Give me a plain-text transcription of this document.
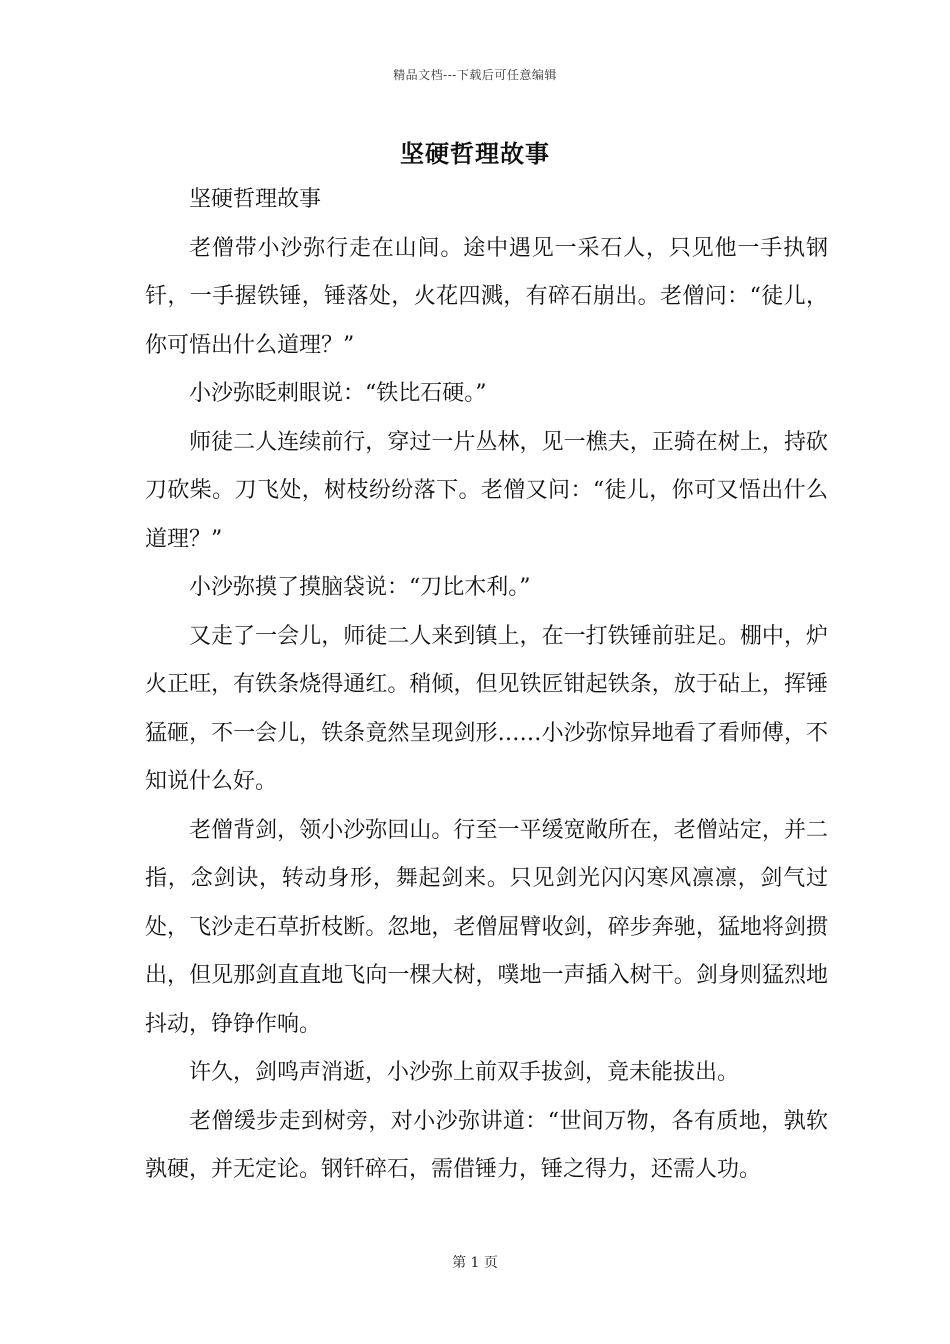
精品文档---下载后可任意编辑
坚硬哲理故事

坚硬哲理故事

老僧带小沙弥行走在山间。途中遇见一采石人，只见他一手执钢钎，一手握铁锤，锤落处，火花四溅，有碎石崩出。老僧问：“徒儿，你可悟出什么道理？”

小沙弥眨刺眼说：“铁比石硬。”

师徒二人连续前行，穿过一片丛林，见一樵夫，正骑在树上，持砍刀砍柴。刀飞处，树枝纷纷落下。老僧又问：“徒儿，你可又悟出什么道理？”

小沙弥摸了摸脑袋说：“刀比木利。”

又走了一会儿，师徒二人来到镇上，在一打铁锤前驻足。棚中，炉火正旺，有铁条烧得通红。稍倾，但见铁匠钳起铁条，放于砧上，挥锤猛砸，不一会儿，铁条竟然呈现剑形……小沙弥惊异地看了看师傅，不知说什么好。

老僧背剑，领小沙弥回山。行至一平缓宽敞所在，老僧站定，并二指，念剑诀，转动身形，舞起剑来。只见剑光闪闪寒风凛凛，剑气过处，飞沙走石草折枝断。忽地，老僧屈臂收剑，碎步奔驰，猛地将剑掼出，但见那剑直直地飞向一棵大树，噗地一声插入树干。剑身则猛烈地抖动，铮铮作响。

许久，剑鸣声消逝，小沙弥上前双手拔剑，竟未能拔出。

老僧缓步走到树旁，对小沙弥讲道：“世间万物，各有质地，孰软孰硬，并无定论。钢钎碎石，需借锤力，锤之得力，还需人功。

第 1 页
